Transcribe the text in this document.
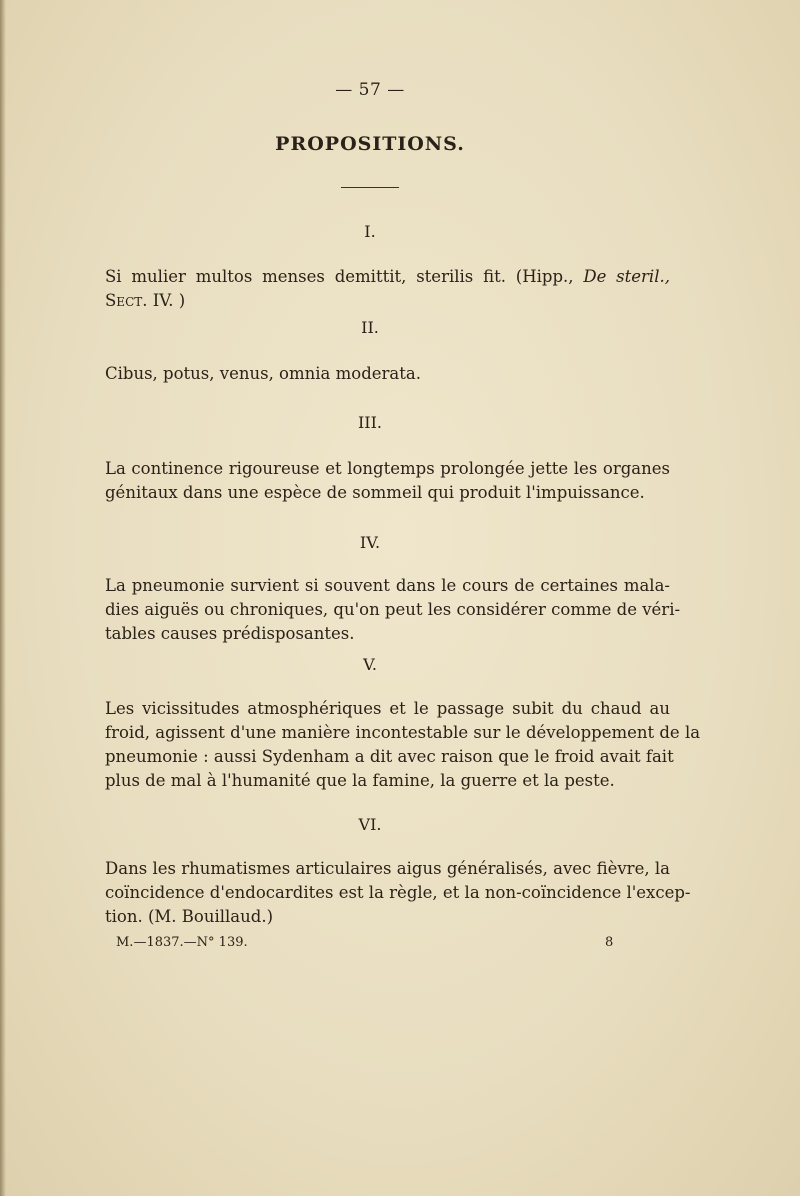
— 57 —
PROPOSITIONS.
I.
Si mulier multos menses demittit, sterilis fit. (Hipp., De steril.,
Sect. IV. )
II.
Cibus, potus, venus, omnia moderata.
III.
La continence rigoureuse et longtemps prolongée jette les organes
génitaux dans une espèce de sommeil qui produit l'impuissance.
IV.
La pneumonie survient si souvent dans le cours de certaines mala-
dies aiguës ou chroniques, qu'on peut les considérer comme de véri-
tables causes prédisposantes.
V.
Les vicissitudes atmosphériques et le passage subit du chaud au
froid, agissent d'une manière incontestable sur le développement de la
pneumonie : aussi Sydenham a dit avec raison que le froid avait fait
plus de mal à l'humanité que la famine, la guerre et la peste.
VI.
Dans les rhumatismes articulaires aigus généralisés, avec fièvre, la
coïncidence d'endocardites est la règle, et la non-coïncidence l'excep-
tion. (M. Bouillaud.)
M.—1837.—N° 139.	8
